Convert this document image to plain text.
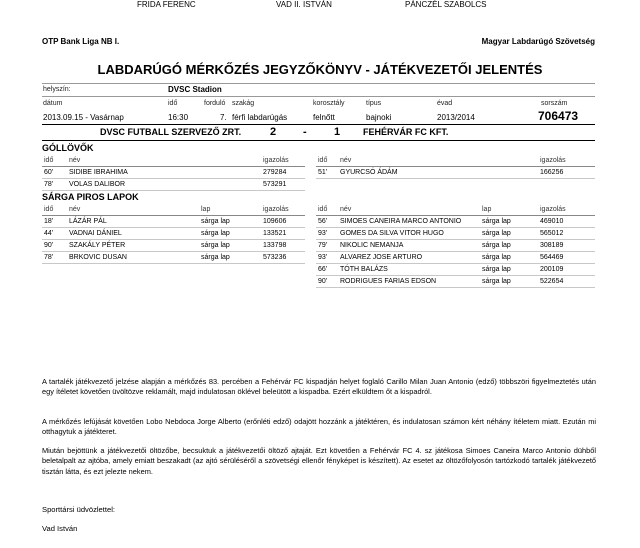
FRIDA FERENC	VAD II. ISTVÁN	PÁNCZÉL SZABOLCS
OTP Bank Liga NB I.	Magyar Labdarúgó Szövetség
LABDARÚGÓ MÉRKŐZÉS JEGYZŐKÖNYV - JÁTÉKVEZETŐI JELENTÉS
helyszín:	DVSC Stadion
dátum	idő	forduló szakág	korosztály	típus	évad	sorszám
2013.09.15 - Vasárnap	16:30	7. férfi labdarúgás	felnőtt	bajnoki	2013/2014	706473
DVSC FUTBALL SZERVEZŐ ZRT.	2 - 1	FEHÉRVÁR FC KFT.
GÓLLÖVŐK
idő	név	igazolás
60'	SIDIBE IBRAHIMA	279284
78'	VOLAS DALIBOR	573291
idő	név	igazolás
51'	GYURCSÓ ÁDÁM	166256
SÁRGA PIROS LAPOK
idő	név	lap	igazolás
18'	LÁZÁR PÁL	sárga lap	109606
44'	VADNAI DÁNIEL	sárga lap	133521
90'	SZAKÁLY PÉTER	sárga lap	133798
78'	BRKOVIC DUSAN	sárga lap	573236
idő	név	lap	igazolás
56'	SIMOES CANEIRA MARCO ANTONIO	sárga lap	469010
93'	GOMES DA SILVA VITOR HUGO	sárga lap	565012
79'	NIKOLIC NEMANJA	sárga lap	308189
93'	ALVAREZ JOSE ARTURO	sárga lap	564469
66'	TÓTH BALÁZS	sárga lap	200109
90'	RODRIGUES FARIAS EDSON	sárga lap	522654
A tartalék játékvezető jelzése alapján a mérkőzés 83. percében a Fehérvár FC kispadján helyet foglaló Carillo Milan Juan Antonio (edző) többszöri figyelmeztetés után egy ítéletet követően üvöltözve reklamált, majd indulatosan öklével beleütött a kispadba. Ezért elküldtem őt a kispadról.
A mérkőzés lefújását követően Lobo Nebdoca Jorge Alberto (erőnléti edző) odajött hozzánk a játéktéren, és indulatosan számon kért néhány ítéletem miatt. Ezután mi otthagytuk a játékteret.
Miután bejöttünk a játékvezetői öltözőbe, becsuktuk a játékvezetői öltöző ajtaját. Ezt követően a Fehérvár FC 4. sz játékosa Simoes Caneira Marco Antonio dühből beletalpalt az ajtóba, amely emiatt beszakadt (az ajtó sérüléséről a szövetségi ellenőr fényképet is készített). Az esetet az öltözőfolyosón tartózkodó tartalék játékvezető tisztán látta, és ezt jelezte nekem.
Sporttársi üdvözlettel:
Vad István
